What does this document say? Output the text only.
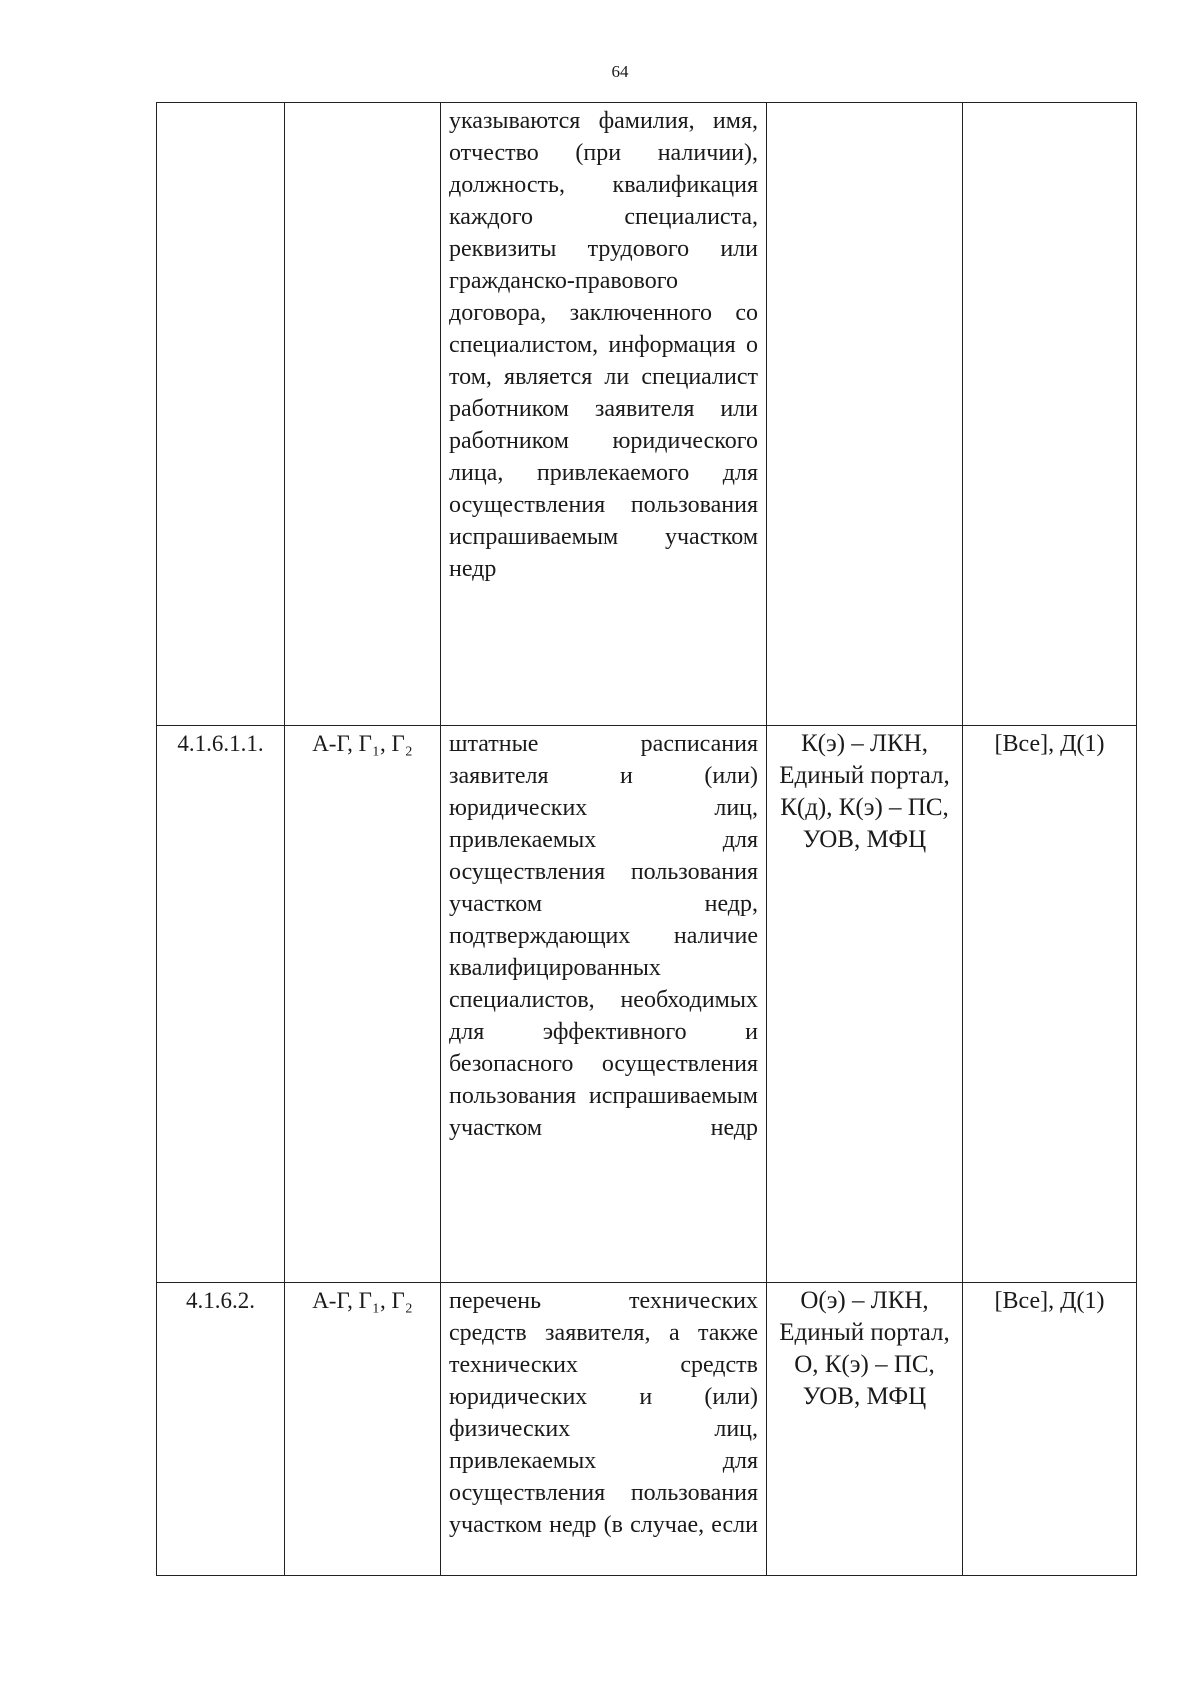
64
		указываются фамилия, имя, отчество (при наличии), должность, квалификация каждого специалиста, реквизиты трудового или гражданско-правового договора, заключенного со специалистом, информация о том, является ли специалист работником заявителя или работником юридического лица, привлекаемого для осуществления пользования испрашиваемым участком недр		
4.1.6.1.1.	А-Г, Г₁, Г₂	штатные расписания заявителя и (или) юридических лиц, привлекаемых для осуществления пользования участком недр, подтверждающих наличие квалифицированных специалистов, необходимых для эффективного и безопасного осуществления пользования испрашиваемым участком недр	К(э) – ЛКН, Единый портал, К(д), К(э) – ПС, УОВ, МФЦ	[Все], Д(1)
4.1.6.2.	А-Г, Г₁, Г₂	перечень технических средств заявителя, а также технических средств юридических и (или) физических лиц, привлекаемых для осуществления пользования участком недр (в случае, если	О(э) – ЛКН, Единый портал, О, К(э) – ПС, УОВ, МФЦ	[Все], Д(1)
